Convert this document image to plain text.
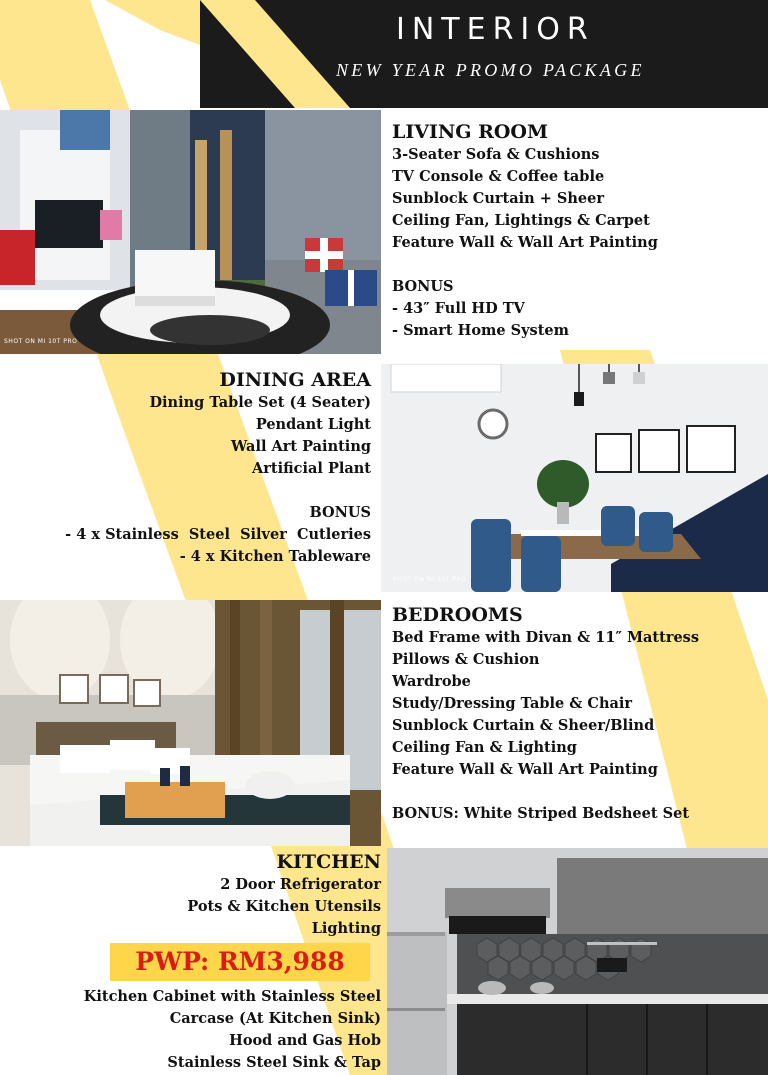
INTERIOR
NEW YEAR PROMO PACKAGE
SHOT ON MI 10T PRO
SHOT ON MI 10T PRO
LIVING ROOM
3-Seater Sofa & Cushions
TV Console & Coffee table
Sunblock Curtain + Sheer
Ceiling Fan, Lightings & Carpet
Feature Wall & Wall Art Painting
BONUS
- 43″ Full HD TV
- Smart Home System
DINING AREA
Dining Table Set (4 Seater)
Pendant Light
Wall Art Painting
Artificial Plant
BONUS
- 4 x Stainless  Steel  Silver  Cutleries
- 4 x Kitchen Tableware
BEDROOMS
Bed Frame with Divan & 11″ Mattress
Pillows & Cushion
Wardrobe
Study/Dressing Table & Chair
Sunblock Curtain & Sheer/Blind
Ceiling Fan & Lighting
Feature Wall & Wall Art Painting
BONUS: White Striped Bedsheet Set
KITCHEN
2 Door Refrigerator
Pots & Kitchen Utensils
Lighting
PWP: RM3,988
Kitchen Cabinet with Stainless Steel
Carcase (At Kitchen Sink)
Hood and Gas Hob
Stainless Steel Sink & Tap
